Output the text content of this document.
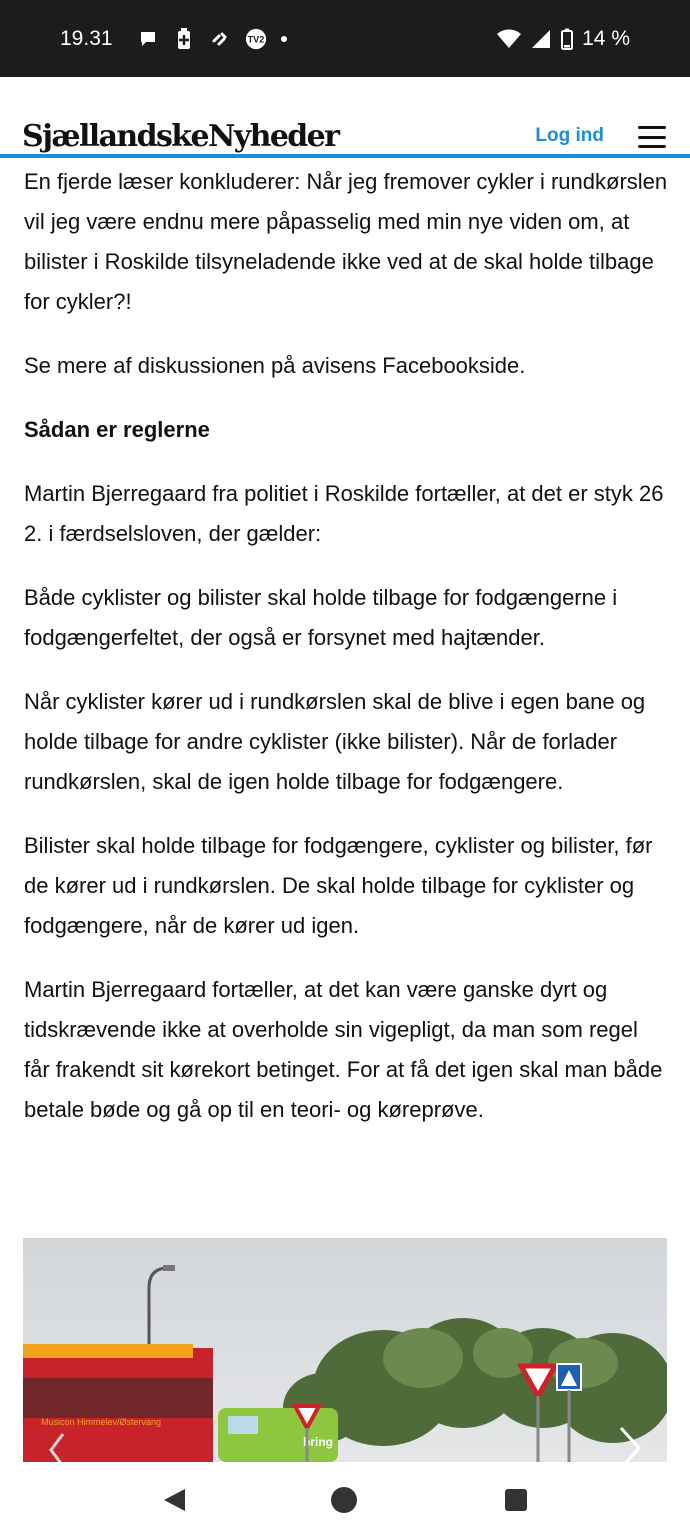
19.31	TV2	14 %
SjællandskeNyheder	Log ind

En fjerde læser konkluderer: Når jeg fremover cykler i rundkørslen vil jeg være endnu mere påpasselig med min nye viden om, at bilister i Roskilde tilsyneladende ikke ved at de skal holde tilbage for cykler?!

Se mere af diskussionen på avisens Facebookside.

Sådan er reglerne

Martin Bjerregaard fra politiet i Roskilde fortæller, at det er styk 26 2. i færdselsloven, der gælder:

Både cyklister og bilister skal holde tilbage for fodgængerne i fodgængerfeltet, der også er forsynet med hajtænder.

Når cyklister kører ud i rundkørslen skal de blive i egen bane og holde tilbage for andre cyklister (ikke bilister). Når de forlader rundkørslen, skal de igen holde tilbage for fodgængere.

Bilister skal holde tilbage for fodgængere, cyklister og bilister, før de kører ud i rundkørslen. De skal holde tilbage for cyklister og fodgængere, når de kører ud igen.

Martin Bjerregaard fortæller, at det kan være ganske dyrt og tidskrævende ikke at overholde sin vigepligt, da man som regel får frakendt sit kørekort betinget. For at få det igen skal man både betale bøde og gå op til en teori- og køreprøve.

Musicon Himmelev/Østervang
bring
